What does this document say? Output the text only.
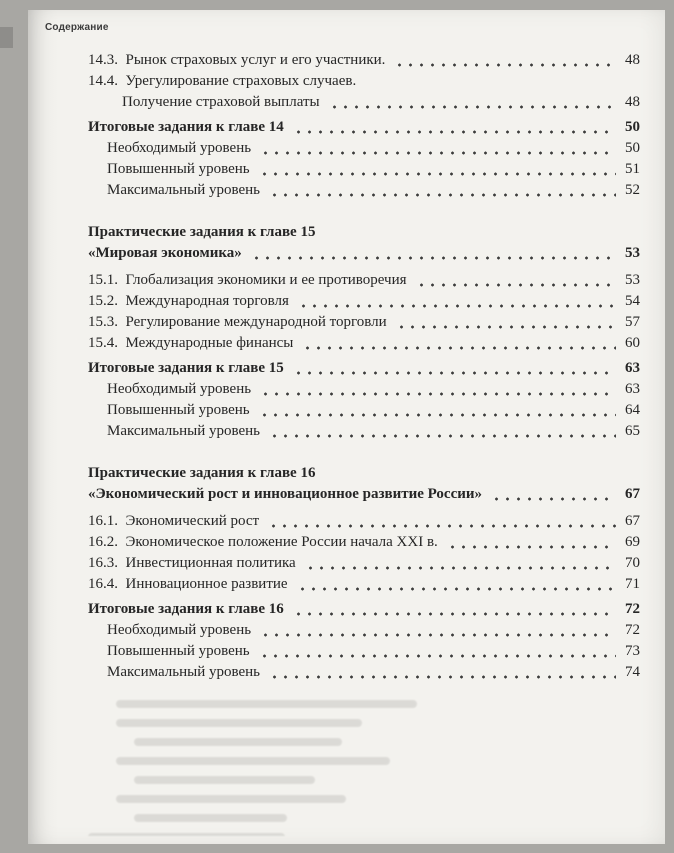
Содержание
14.3.  Рынок страховых услуг и его участники.	48
14.4.  Урегулирование страховых случаев.
Получение страховой выплаты	48
Итоговые задания к главе 14	50
Необходимый уровень	50
Повышенный уровень	51
Максимальный уровень	52
Практические задания к главе 15
«Мировая экономика»	53
15.1.  Глобализация экономики и ее противоречия	53
15.2.  Международная торговля	54
15.3.  Регулирование международной торговли	57
15.4.  Международные финансы	60
Итоговые задания к главе 15	63
Необходимый уровень	63
Повышенный уровень	64
Максимальный уровень	65
Практические задания к главе 16
«Экономический рост и инновационное развитие России»	67
16.1.  Экономический рост	67
16.2.  Экономическое положение России начала XXI в.	69
16.3.  Инвестиционная политика	70
16.4.  Инновационное развитие	71
Итоговые задания к главе 16	72
Необходимый уровень	72
Повышенный уровень	73
Максимальный уровень	74
